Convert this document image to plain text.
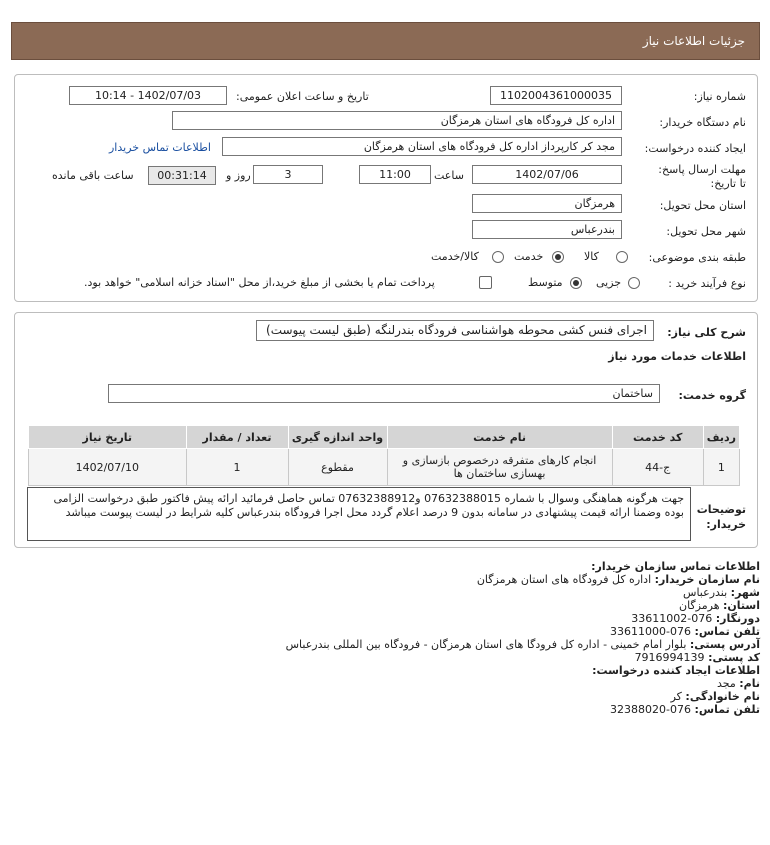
جزئیات اطلاعات نیاز
شماره نیاز:
1102004361000035
تاریخ و ساعت اعلان عمومی:
1402/07/03 - 10:14
نام دستگاه خریدار:
اداره کل فرودگاه های استان هرمزگان
ایجاد کننده درخواست:
مجد کر کارپرداز اداره کل فرودگاه های استان هرمزگان
اطلاعات تماس خریدار
مهلت ارسال پاسخ: تا تاریخ:
1402/07/06
ساعت
11:00
3
روز و
00:31:14
ساعت باقی مانده
استان محل تحویل:
هرمزگان
شهر محل تحویل:
بندرعباس
طبقه بندی موضوعی:
کالا
خدمت
کالا/خدمت
نوع فرآیند خرید :
جزیی
متوسط
پرداخت تمام یا بخشی از مبلغ خرید،از محل "اسناد خزانه اسلامی" خواهد بود.
شرح کلی نیاز:
اجرای فنس کشی محوطه هواشناسی فرودگاه بندرلنگه (طبق لیست پیوست)
اطلاعات خدمات مورد نیاز
گروه خدمت:
ساختمان
ردیف	کد خدمت	نام خدمت	واحد اندازه گیری	تعداد / مقدار	تاریخ نیاز
1	ج-44	انجام کارهای متفرقه درخصوص بازسازی و بهسازی ساختمان ها	مقطوع	1	1402/07/10
توضیحات خریدار:
جهت هرگونه هماهنگی وسوال با شماره 07632388015 و07632388912 تماس حاصل فرمائید ارائه پیش فاکتور طبق درخواست الزامی بوده وضمنا ارائه قیمت پیشنهادی در سامانه بدون 9 درصد اعلام گردد محل اجرا فرودگاه بندرعباس کلیه شرایط در لیست پیوست میباشد
اطلاعات تماس سازمان خریدار:
نام سازمان خریدار: اداره کل فرودگاه های استان هرمزگان
شهر: بندرعباس
استان: هرمزگان
دورنگار: 076-33611002
تلفن تماس: 076-33611000
آدرس پستی: بلوار امام خمینی - اداره کل فرودگا های استان هرمزگان - فرودگاه بین المللی بندرعباس
کد پستی: 7916994139
اطلاعات ایجاد کننده درخواست:
نام: مجد
نام خانوادگی: کر
تلفن تماس: 076-32388020
